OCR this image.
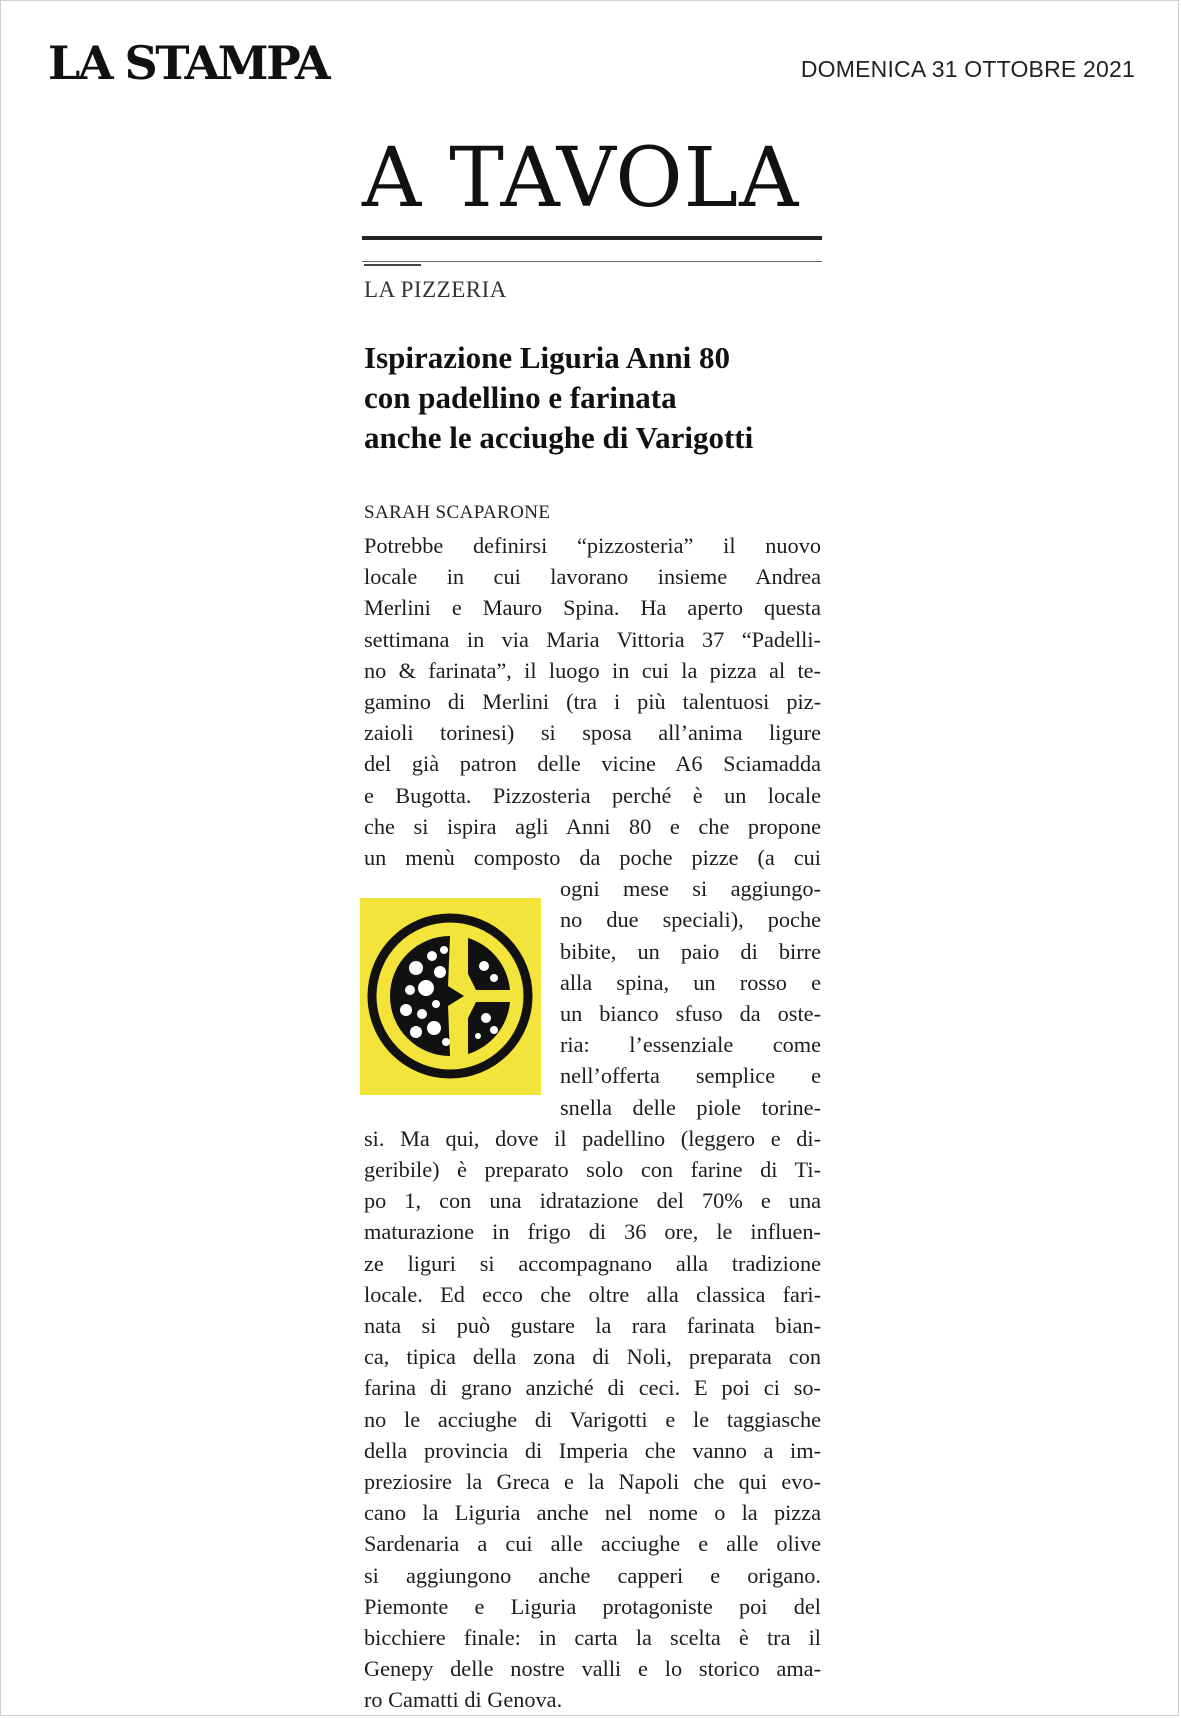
LA STAMPA	DOMENICA 31 OTTOBRE 2021
A TAVOLA
LA PIZZERIA
Ispirazione Liguria Anni 80
con padellino e farinata
anche le acciughe di Varigotti
SARAH SCAPARONE
Potrebbe definirsi “pizzosteria” il nuovo
locale in cui lavorano insieme Andrea
Merlini e Mauro Spina. Ha aperto questa
settimana in via Maria Vittoria 37 “Padelli-
no & farinata”, il luogo in cui la pizza al te-
gamino di Merlini (tra i più talentuosi piz-
zaioli torinesi) si sposa all’anima ligure
del già patron delle vicine A6 Sciamadda
e Bugotta. Pizzosteria perché è un locale
che si ispira agli Anni 80 e che propone
un menù composto da poche pizze (a cui
ogni mese si aggiungo-
no due speciali), poche
bibite, un paio di birre
alla spina, un rosso e
un bianco sfuso da oste-
ria: l’essenziale come
nell’offerta semplice e
snella delle piole torine-
si. Ma qui, dove il padellino (leggero e di-
geribile) è preparato solo con farine di Ti-
po 1, con una idratazione del 70% e una
maturazione in frigo di 36 ore, le influen-
ze liguri si accompagnano alla tradizione
locale. Ed ecco che oltre alla classica fari-
nata si può gustare la rara farinata bian-
ca, tipica della zona di Noli, preparata con
farina di grano anziché di ceci. E poi ci so-
no le acciughe di Varigotti e le taggiasche
della provincia di Imperia che vanno a im-
preziosire la Greca e la Napoli che qui evo-
cano la Liguria anche nel nome o la pizza
Sardenaria a cui alle acciughe e alle olive
si aggiungono anche capperi e origano.
Piemonte e Liguria protagoniste poi del
bicchiere finale: in carta la scelta è tra il
Genepy delle nostre valli e lo storico ama-
ro Camatti di Genova.
